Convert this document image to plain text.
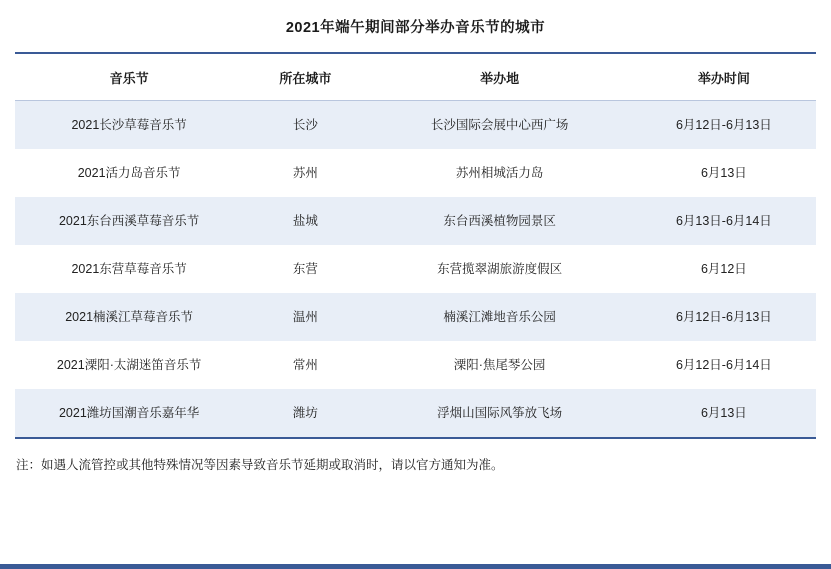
2021年端午期间部分举办音乐节的城市
音乐节	所在城市	举办地	举办时间
2021长沙草莓音乐节	长沙	长沙国际会展中心西广场	6月12日-6月13日
2021活力岛音乐节	苏州	苏州相城活力岛	6月13日
2021东台西溪草莓音乐节	盐城	东台西溪植物园景区	6月13日-6月14日
2021东营草莓音乐节	东营	东营揽翠湖旅游度假区	6月12日
2021楠溪江草莓音乐节	温州	楠溪江滩地音乐公园	6月12日-6月13日
2021溧阳·太湖迷笛音乐节	常州	溧阳·焦尾琴公园	6月12日-6月14日
2021潍坊国潮音乐嘉年华	潍坊	浮烟山国际风筝放飞场	6月13日
注：如遇人流管控或其他特殊情况等因素导致音乐节延期或取消时，请以官方通知为准。
